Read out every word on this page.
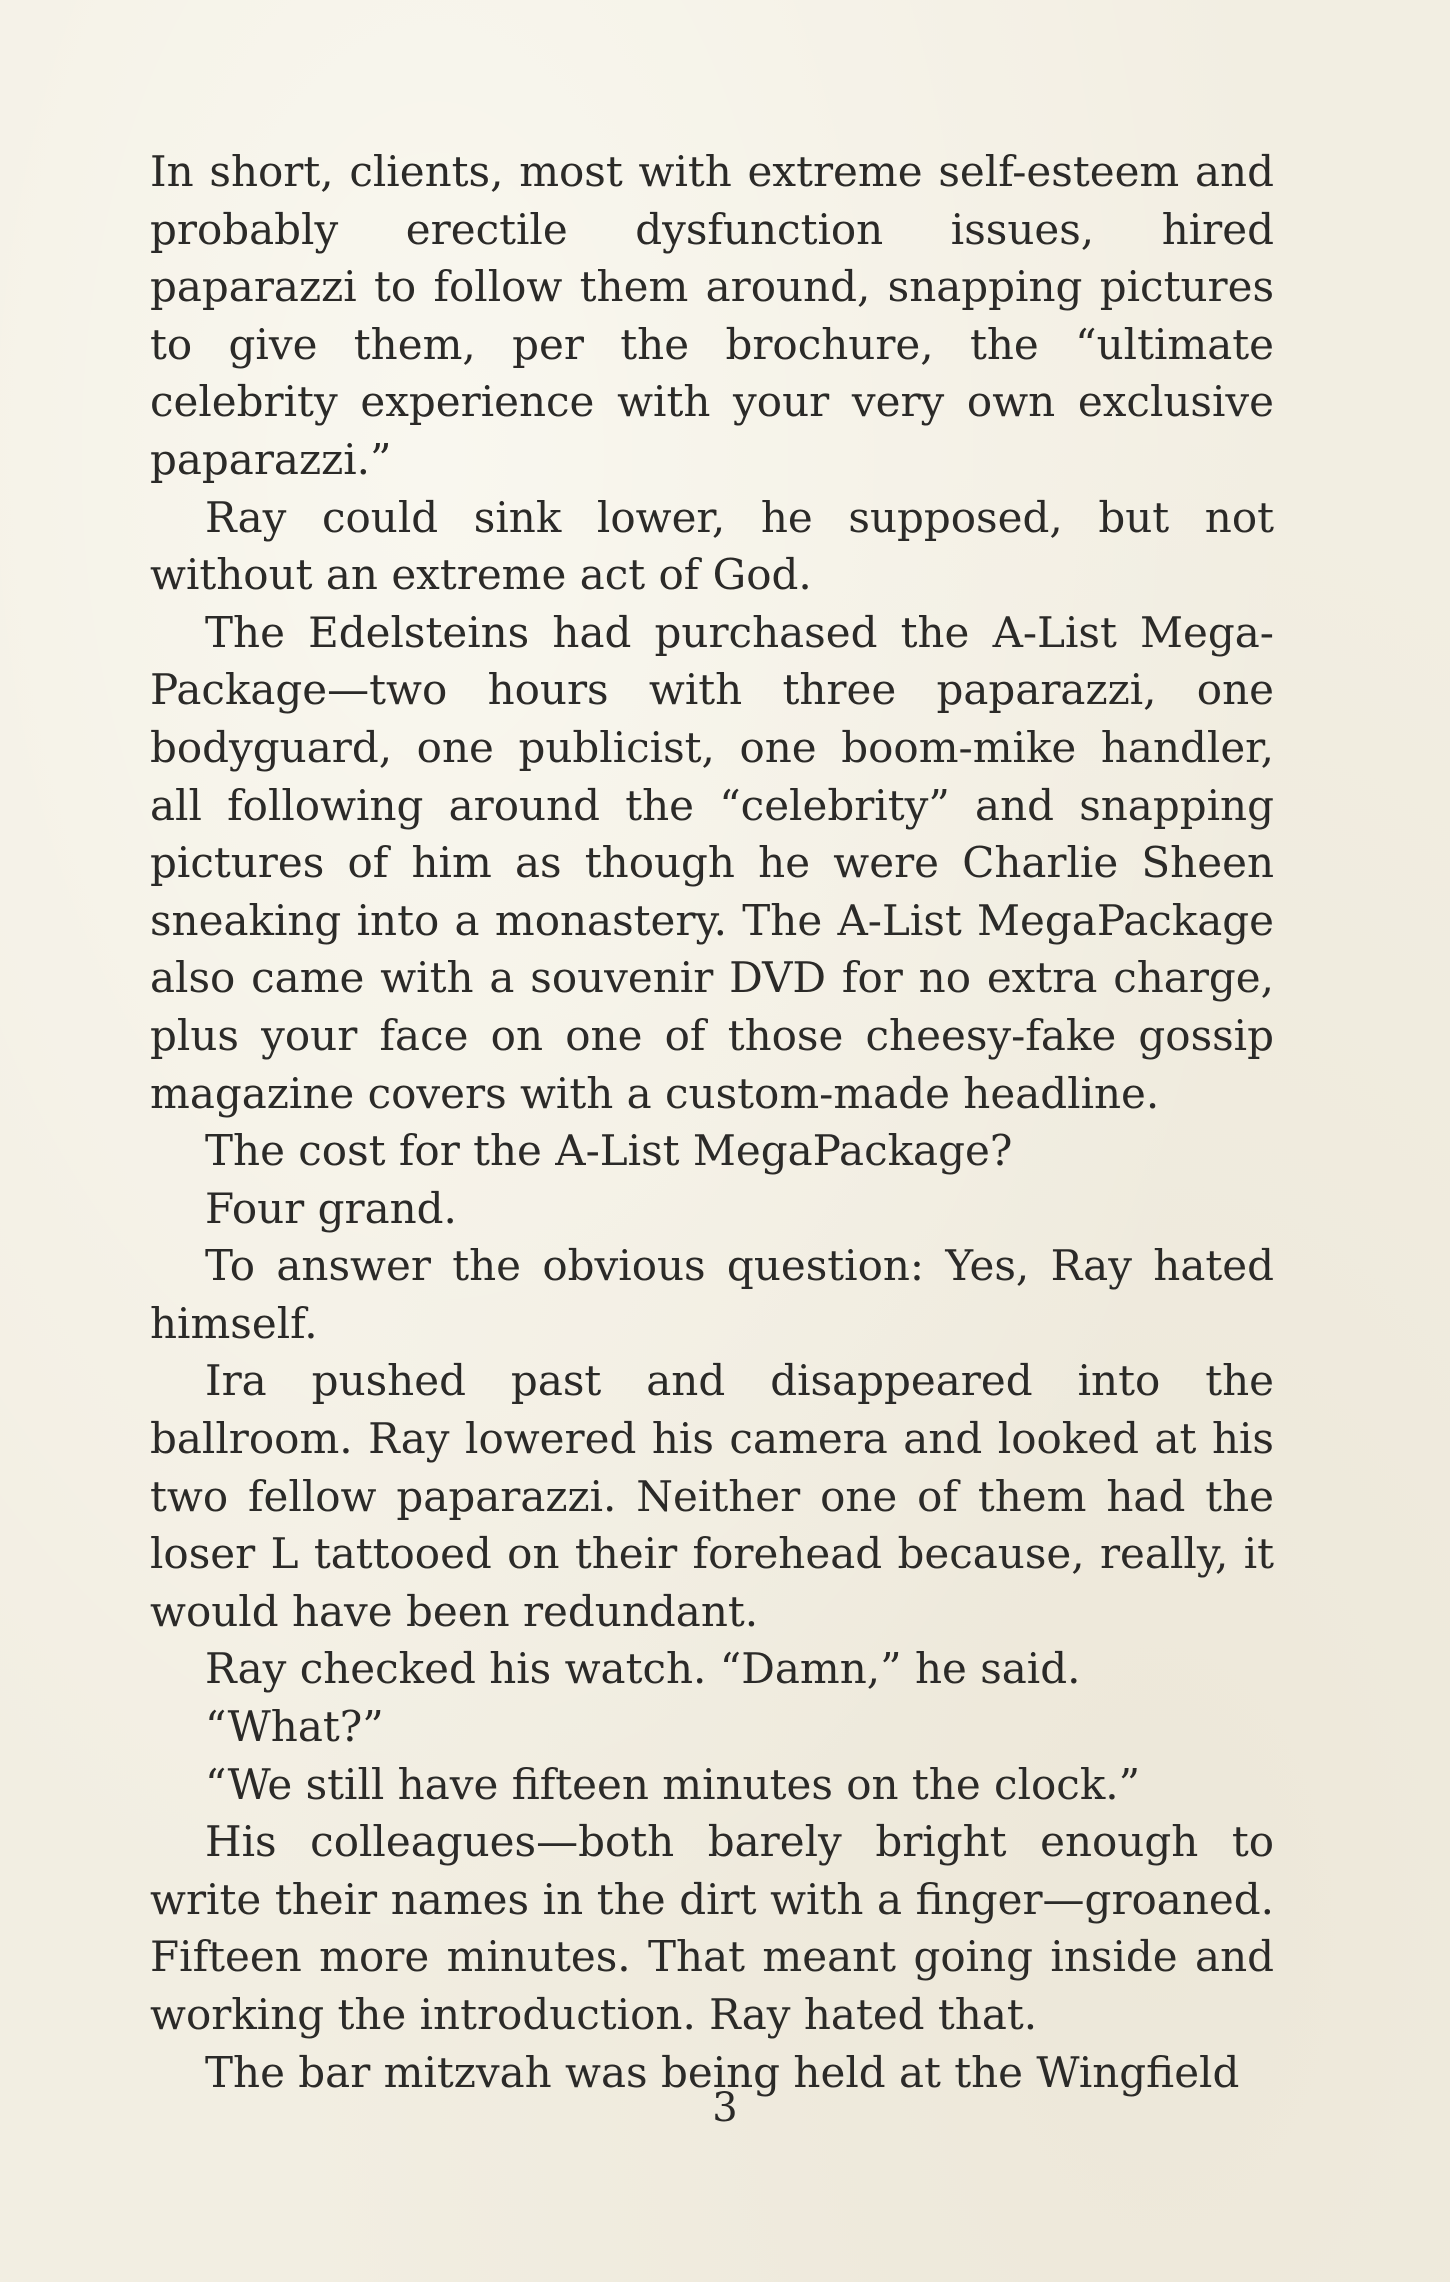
In short, clients, most with extreme self-esteem and probably erectile dysfunction issues, hired paparazzi to follow them around, snapping pictures to give them, per the brochure, the “ultimate celebrity experience with your very own exclusive paparazzi.”

Ray could sink lower, he supposed, but not without an extreme act of God.

The Edelsteins had purchased the A-List MegaPackage—two hours with three paparazzi, one bodyguard, one publicist, one boom-mike handler, all following around the “celebrity” and snapping pictures of him as though he were Charlie Sheen sneaking into a monastery. The A-List MegaPackage also came with a souvenir DVD for no extra charge, plus your face on one of those cheesy-fake gossip magazine covers with a custom-made headline.

The cost for the A-List MegaPackage?

Four grand.

To answer the obvious question: Yes, Ray hated himself.

Ira pushed past and disappeared into the ballroom. Ray lowered his camera and looked at his two fellow paparazzi. Neither one of them had the loser L tattooed on their forehead because, really, it would have been redundant.

Ray checked his watch. “Damn,” he said.

“What?”

“We still have fifteen minutes on the clock.”

His colleagues—both barely bright enough to write their names in the dirt with a finger—groaned. Fifteen more minutes. That meant going inside and working the introduction. Ray hated that.

The bar mitzvah was being held at the Wingfield

3
